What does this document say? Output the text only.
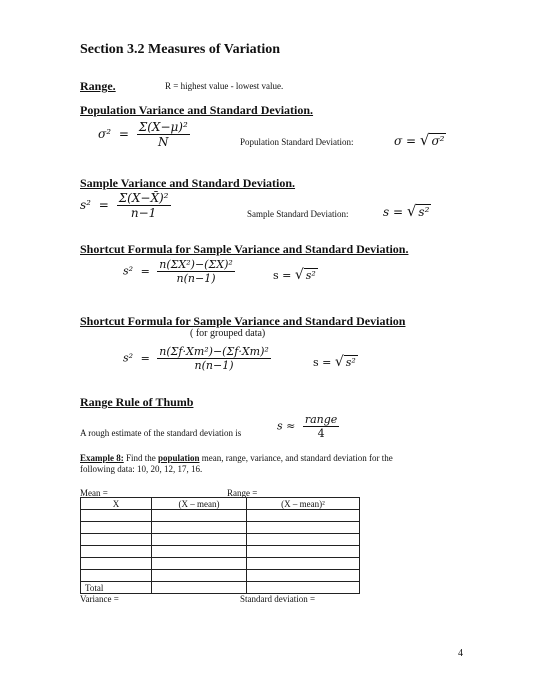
Section 3.2 Measures of Variation
Range.	R = highest value - lowest value.
Population Variance and Standard Deviation.
$\sigma^2 = \frac{\text{Σ(X−μ)²}}{N}$	Population Standard Deviation:	σ = √ σ²
Sample Variance and Standard Deviation.
$s^2 = \frac{\text{Σ(X−X̄)²}}{n-1}$	Sample Standard Deviation:	s = √ s²
Shortcut Formula for Sample Variance and Standard Deviation.
$s^2 = \frac{\text{n(ΣX²)−(ΣX)²}}{n(n-1)}$	s = √ s²
Shortcut Formula for Sample Variance and Standard Deviation
( for grouped data)
$s^2 = \frac{\text{n(Σf·Xm²)−(Σf·Xm)²}}{n(n-1)}$	s = √ s²
Range Rule of Thumb
A rough estimate of the standard deviation is
$s \approx \frac{\text{range}}{4}$
Example 8: Find the population mean, range, variance, and standard deviation for the
following data: 10, 20, 12, 17, 16.
Mean =	Range =
X	(X – mean)	(X – mean)²

Total		
Variance =	Standard deviation =
4
